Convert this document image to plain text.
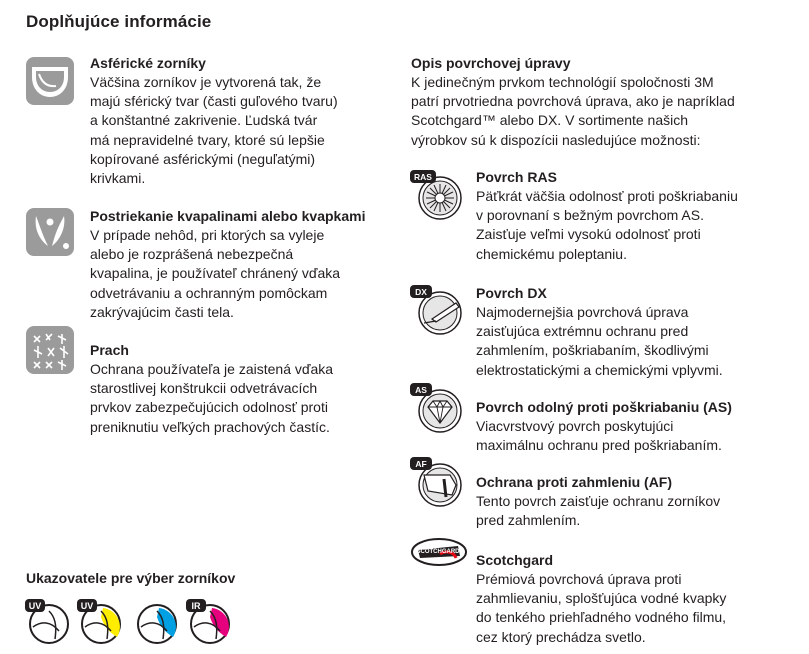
Doplňujúce informácie
Asférické zorníky

Väčšina zorníkov je vytvorená tak, že

majú sférický tvar (časti guľového tvaru)

a konštantné zakrivenie. Ľudská tvár

má nepravidelné tvary, ktoré sú lepšie

kopírované asférickými (neguľatými)

krivkami.

Postriekanie kvapalinami alebo kvapkami

V prípade nehôd, pri ktorých sa vyleje

alebo je rozprášená nebezpečná

kvapalina, je používateľ chránený vďaka

odvetrávaniu a ochranným pomôckam

zakrývajúcim časti tela.

Prach

Ochrana používateľa je zaistená vďaka

starostlivej konštrukcii odvetrávacích

prvkov zabezpečujúcich odolnosť proti

preniknutiu veľkých prachových častíc.

Ukazovatele pre výber zorníkov
UV	UV	IR
Opis povrchovej úpravy

K jedinečným prvkom technológií spoločnosti 3M

patrí prvotriedna povrchová úprava, ako je napríklad

Scotchgard™ alebo DX. V sortimente našich

výrobkov sú k dispozícii nasledujúce možnosti:

RAS	Povrch RAS

Päťkrát väčšia odolnosť proti poškriabaniu

v porovnaní s bežným povrchom AS.

Zaisťuje veľmi vysokú odolnosť proti

chemickému poleptaniu.

DX	Povrch DX

Najmodernejšia povrchová úprava

zaisťujúca extrémnu ochranu pred

zahmlením, poškriabaním, škodlivými

elektrostatickými a chemickými vplyvmi.

AS
Povrch odolný proti poškriabaniu (AS)

Viacvrstvový povrch poskytujúci

maximálnu ochranu pred poškriabaním.

AF
Ochrana proti zahmleniu (AF)

Tento povrch zaisťuje ochranu zorníkov

pred zahmlením.

SCOTCHGARD Scotchgard

Prémiová povrchová úprava proti

zahmlievaniu, splošťujúca vodné kvapky

do tenkého priehľadného vodného filmu,

cez ktorý prechádza svetlo.
